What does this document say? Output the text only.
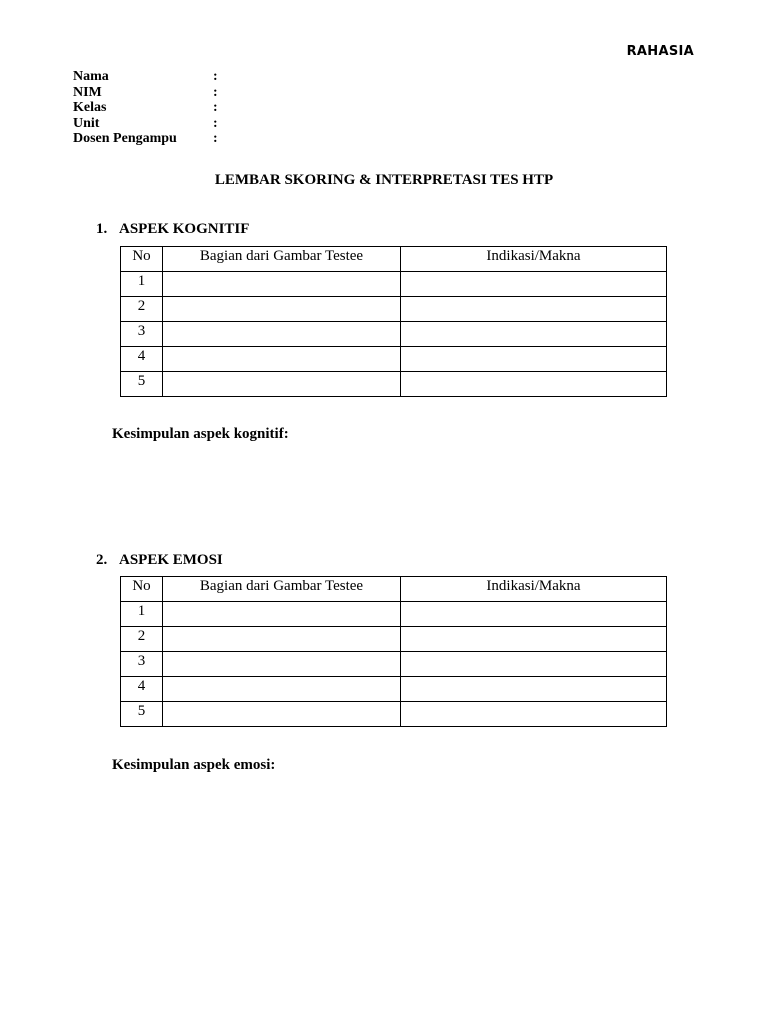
RAHASIA
Nama	:
NIM	:
Kelas	:
Unit	:
Dosen Pengampu	:
LEMBAR SKORING & INTERPRETASI TES HTP
1. ASPEK KOGNITIF
No	Bagian dari Gambar Testee	Indikasi/Makna
1		
2		
3		
4		
5		
Kesimpulan aspek kognitif:
2. ASPEK EMOSI
No	Bagian dari Gambar Testee	Indikasi/Makna
1		
2		
3		
4		
5		
Kesimpulan aspek emosi:
